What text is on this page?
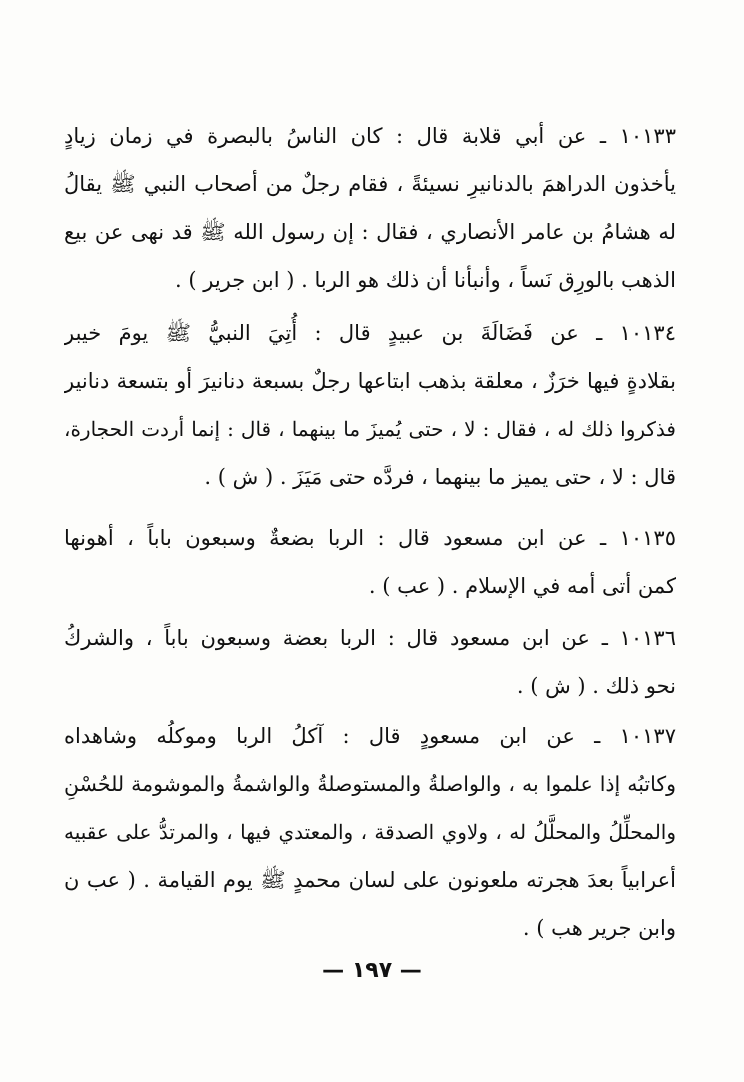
١٠١٣٣ ـ عن أبي قلابة قال : كان الناسُ بالبصرة في زمان زيادٍ
يأخذون الدراهمَ بالدنانيرِ نسيئةً ، فقام رجلٌ من أصحاب النبي ﷺ يقالُ
له هشامُ بن عامر الأنصاري ، فقال : إن رسول الله ﷺ قد نهى عن بيع
الذهب بالورِق نَساً ، وأنبأنا أن ذلك هو الربا . ( ابن جرير ) .
١٠١٣٤ ـ عن فَضَالَةَ بن عبيدٍ قال : أُتِيَ النبيُّ ﷺ يومَ خيبر
بقلادةٍ فيها خرَزٌ ، معلقة بذهب ابتاعها رجلٌ بسبعة دنانيرَ أو بتسعة دنانير
فذكروا ذلك له ، فقال : لا ، حتى يُميزَ ما بينهما ، قال : إنما أردت الحجارة،
قال : لا ، حتى يميز ما بينهما ، فردَّه حتى مَيَزَ . ( ش ) .
١٠١٣٥ ـ عن ابن مسعود قال : الربا بضعةٌ وسبعون باباً ، أهونها
كمن أتى أمه في الإسلام . ( عب ) .
١٠١٣٦ ـ عن ابن مسعود قال : الربا بعضة وسبعون باباً ، والشركُ
نحو ذلك . ( ش ) .
١٠١٣٧ ـ عن ابن مسعودٍ قال : آكلُ الربا وموكلُه وشاهداه
وكاتبُه إذا علموا به ، والواصلةُ والمستوصلةُ والواشمةُ والموشومة للحُسْنِ
والمحلِّلُ والمحلَّلُ له ، ولاوي الصدقة ، والمعتدي فيها ، والمرتدُّ على عقبيه
أعرابياً بعدَ هجرته ملعونون على لسان محمدٍ ﷺ يوم القيامة . ( عب ن
وابن جرير هب ) .
— ١٩٧ —
